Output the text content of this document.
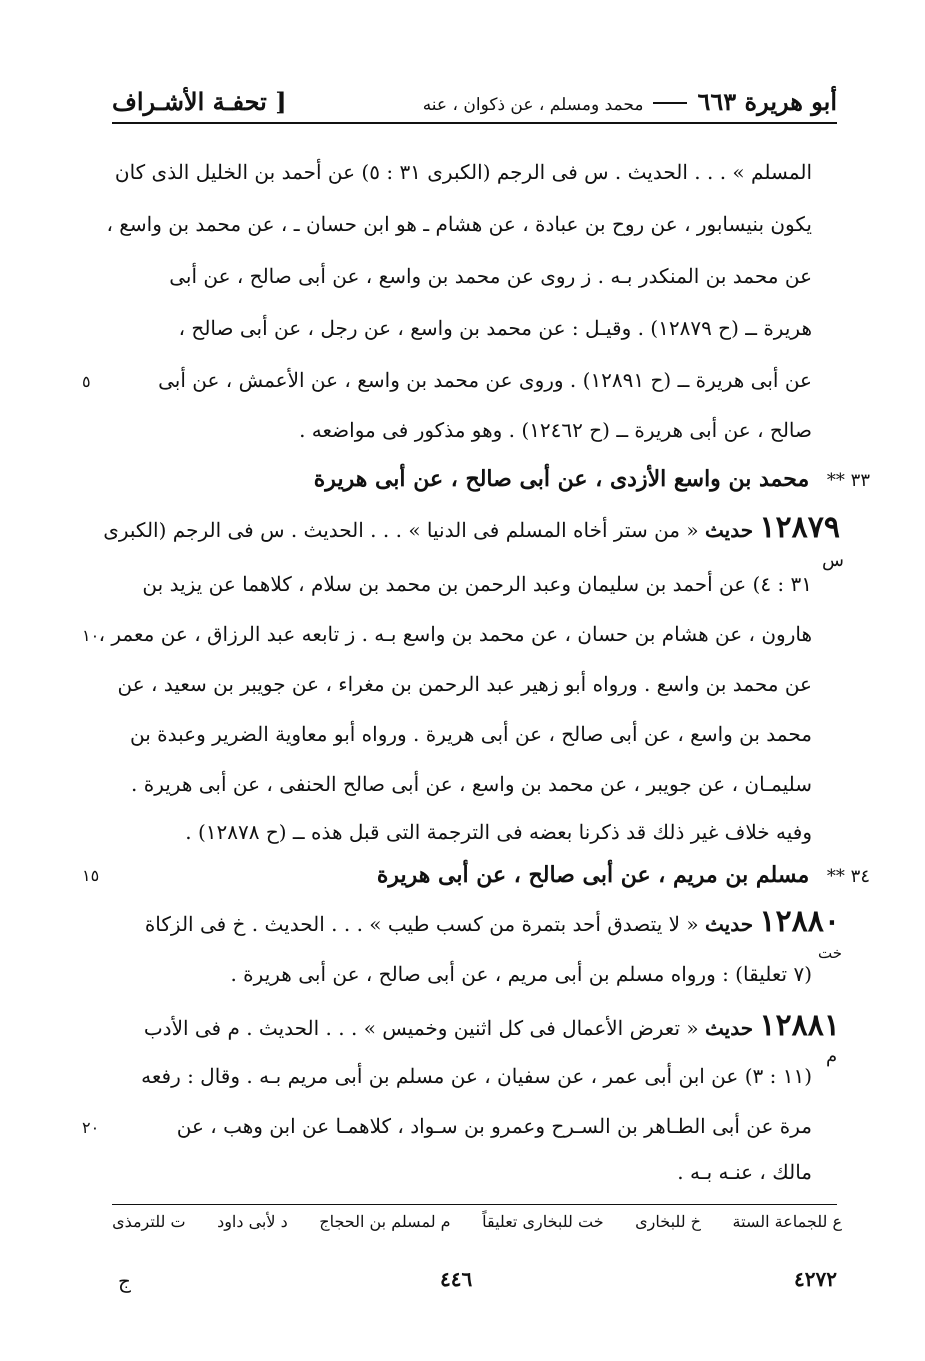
أبو هريرة ٦٦٣
محمد ومسلم ، عن ذكوان ، عنه
[ تحفـة الأشـراف
المسلم » . . . الحديث . س فى الرجم (الكبرى ٣١ : ٥) عن أحمد بن الخليل الذى كان
يكون بنيسابور ، عن روح بن عبادة ، عن هشام ـ هو ابن حسان ـ ، عن محمد بن واسع ،
عن محمد بن المنكدر بـه . ز روى عن محمد بن واسع ، عن أبى صالح ، عن أبى
هريرة ــ (ح ١٢٨٧٩) . وقيـل : عن محمد بن واسع ، عن رجل ، عن أبى صالح ،
عن أبى هريرة ــ (ح ١٢٨٩١) . وروى عن محمد بن واسع ، عن الأعمش ، عن أبى
٥
صالح ، عن أبى هريرة ــ (ح ١٢٤٦٢) . وهو مذكور فى مواضعه .
٣٣ ** محمد بن واسع الأزدى ، عن أبى صالح ، عن أبى هريرة
١٢٨٧٩ حديث « من ستر أخاه المسلم فى الدنيا » . . . الحديث . س فى الرجم (الكبرى
س
٣١ : ٤) عن أحمد بن سليمان وعبد الرحمن بن محمد بن سلام ، كلاهما عن يزيد بن
هارون ، عن هشام بن حسان ، عن محمد بن واسع بـه . ز تابعه عبد الرزاق ، عن معمر ،
١٠
عن محمد بن واسع . ورواه أبو زهير عبد الرحمن بن مغراء ، عن جويبر بن سعيد ، عن
محمد بن واسع ، عن أبى صالح ، عن أبى هريرة . ورواه أبو معاوية الضرير وعبدة بن
سليمـان ، عن جويبر ، عن محمد بن واسع ، عن أبى صالح الحنفى ، عن أبى هريرة .
وفيه خلاف غير ذلك قد ذكرنا بعضه فى الترجمة التى قبل هذه ــ (ح ١٢٨٧٨) .
٣٤ ** مسلم بن مريم ، عن أبى صالح ، عن أبى هريرة
١٥
١٢٨٨٠ حديث « لا يتصدق أحد بتمرة من كسب طيب » . . . الحديث . خ فى الزكاة
خت
(٧ تعليقا) : ورواه مسلم بن أبى مريم ، عن أبى صالح ، عن أبى هريرة .
١٢٨٨١ حديث « تعرض الأعمال فى كل اثنين وخميس » . . . الحديث . م فى الأدب
م
(١١ : ٣) عن ابن أبى عمر ، عن سفيان ، عن مسلم بن أبى مريم بـه . وقال : رفعه
مرة عن أبى الطـاهر بن السـرح وعمرو بن سـواد ، كلاهمـا عن ابن وهب ، عن
٢٠
مالك ، عنـه بـه .
ع للجماعة الستة
خ للبخارى
خت للبخارى تعليقاً
م لمسلم بن الحجاج
د لأبى داود
ت للترمذى
٤٢٧٢
٤٤٦
ج
